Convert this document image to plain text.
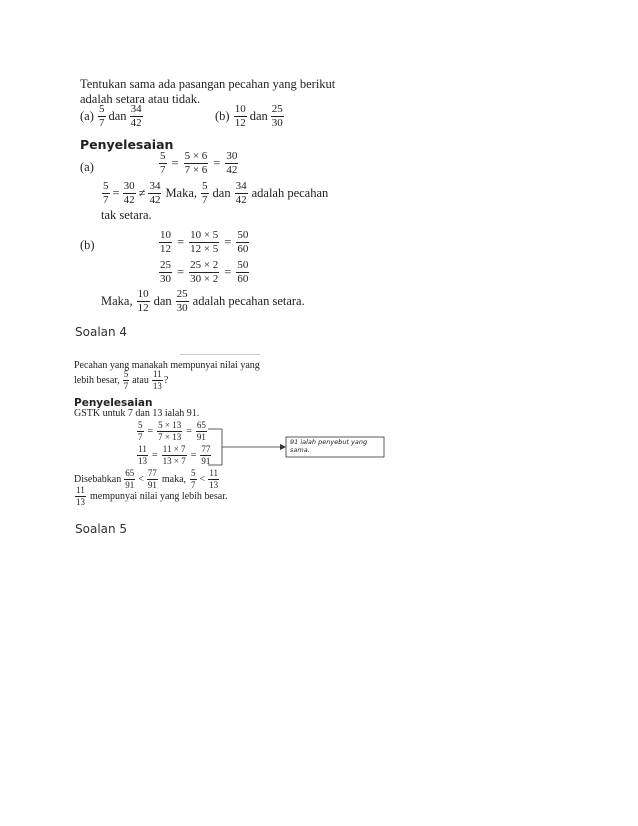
Tentukan sama ada pasangan pecahan yang berikut
adalah setara atau tidak.
(a)
$\frac{5}{7}$ dan $\frac{34}{42}$	(b)
$\frac{10}{12}$ dan $\frac{25}{30}$
Penyelesaian
(a)	$\frac{5}{7} = \frac{5 \times 6}{7 \times 6} = \frac{30}{42}$
$\frac{5}{7} = \frac{30}{42} \ne \frac{34}{42}$ Maka, $\frac{5}{7}$ dan $\frac{34}{42}$ adalah pecahan
tak setara.
(b)	$\frac{10}{12} = \frac{10 \times 5}{12 \times 5} = \frac{50}{60}$
$\frac{25}{30} = \frac{25 \times 2}{30 \times 2} = \frac{50}{60}$
Maka, $\frac{10}{12}$ dan $\frac{25}{30}$ adalah pecahan setara.
Soalan 4
Pecahan yang manakah mempunyai nilai yang
lebih besar, $\frac{5}{7}$ atau $\frac{11}{13}$ ?
Penyelesaian
GSTK untuk 7 dan 13 ialah 91.
$\frac{5}{7} = \frac{5 \times 13}{7 \times 13} = \frac{65}{91}$
$\frac{11}{13} = \frac{11 \times 7}{13 \times 7} = \frac{77}{91}$
91 ialah penyebut yang
sama.
Disebabkan $\frac{65}{91} < \frac{77}{91}$ maka, $\frac{5}{7} < \frac{11}{13}$
$\frac{11}{13}$ mempunyai nilai yang lebih besar.
Soalan 5
